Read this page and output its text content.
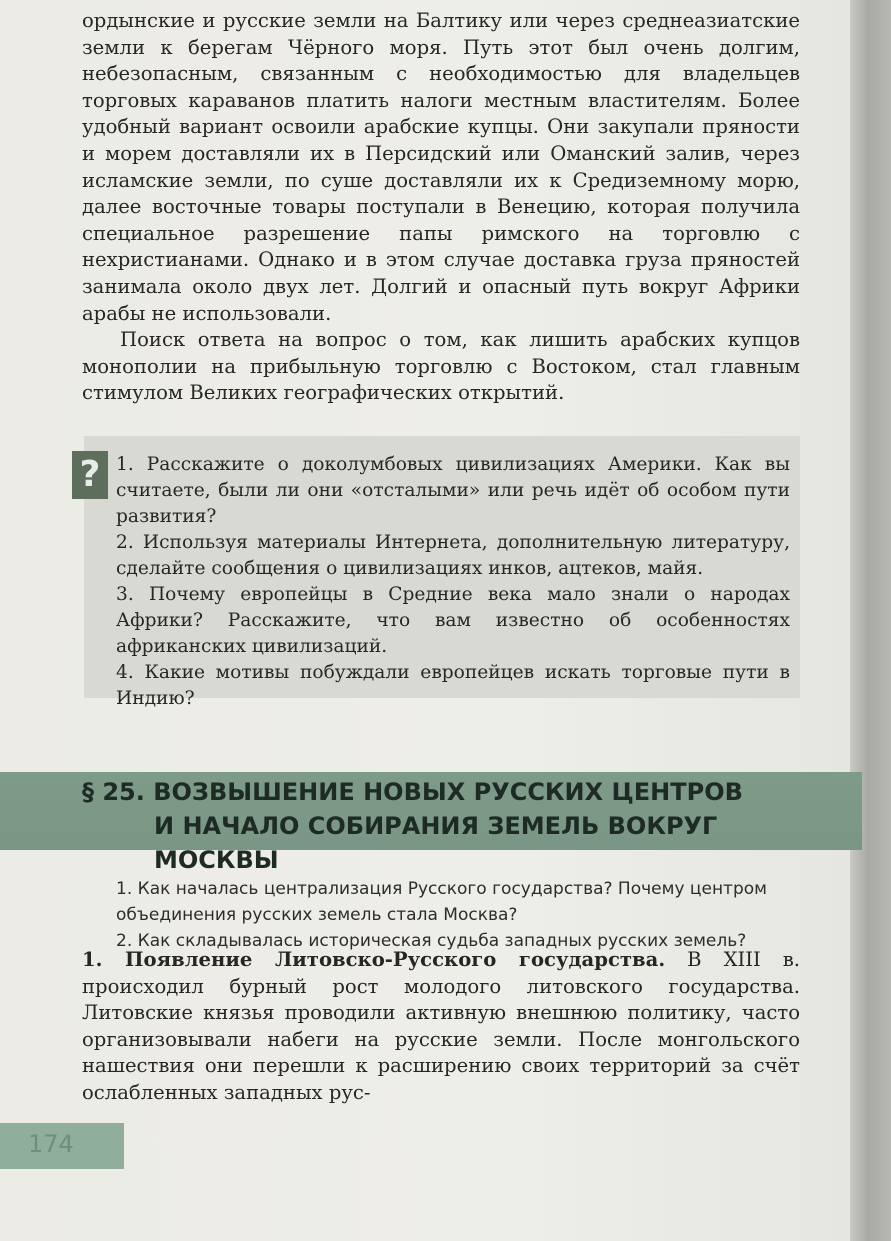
ордынские и русские земли на Балтику или через среднеазиатские земли к берегам Чёрного моря. Путь этот был очень долгим, небезопасным, связанным с необходимостью для владельцев торговых караванов платить налоги местным властителям. Более удобный вариант освоили арабские купцы. Они закупали пряности и морем доставляли их в Персидский или Оманский залив, через исламские земли, по суше доставляли их к Средиземному морю, далее восточные товары поступали в Венецию, которая получила специальное разрешение папы римского на торговлю с нехристианами. Однако и в этом случае доставка груза пряностей занимала около двух лет. Долгий и опасный путь вокруг Африки арабы не использовали.

Поиск ответа на вопрос о том, как лишить арабских купцов монополии на прибыльную торговлю с Востоком, стал главным стимулом Великих географических открытий.

? 1. Расскажите о доколумбовых цивилизациях Америки. Как вы считаете, были ли они «отсталыми» или речь идёт об особом пути развития?

2. Используя материалы Интернета, дополнительную литературу, сделайте сообщения о цивилизациях инков, ацтеков, майя.

3. Почему европейцы в Средние века мало знали о народах Африки? Расскажите, что вам известно об особенностях африканских цивилизаций.

4. Какие мотивы побуждали европейцев искать торговые пути в Индию?

§ 25. ВОЗВЫШЕНИЕ НОВЫХ РУССКИХ ЦЕНТРОВ
И НАЧАЛО СОБИРАНИЯ ЗЕМЕЛЬ ВОКРУГ МОСКВЫ

1. Как началась централизация Русского государства? Почему центром объединения русских земель стала Москва?

2. Как складывалась историческая судьба западных русских земель?

1. Появление Литовско-Русского государства. В XIII в. происходил бурный рост молодого литовского государства. Литовские князья проводили активную внешнюю политику, часто организовывали набеги на русские земли. После монгольского нашествия они перешли к расширению своих территорий за счёт ослабленных западных рус-

174
